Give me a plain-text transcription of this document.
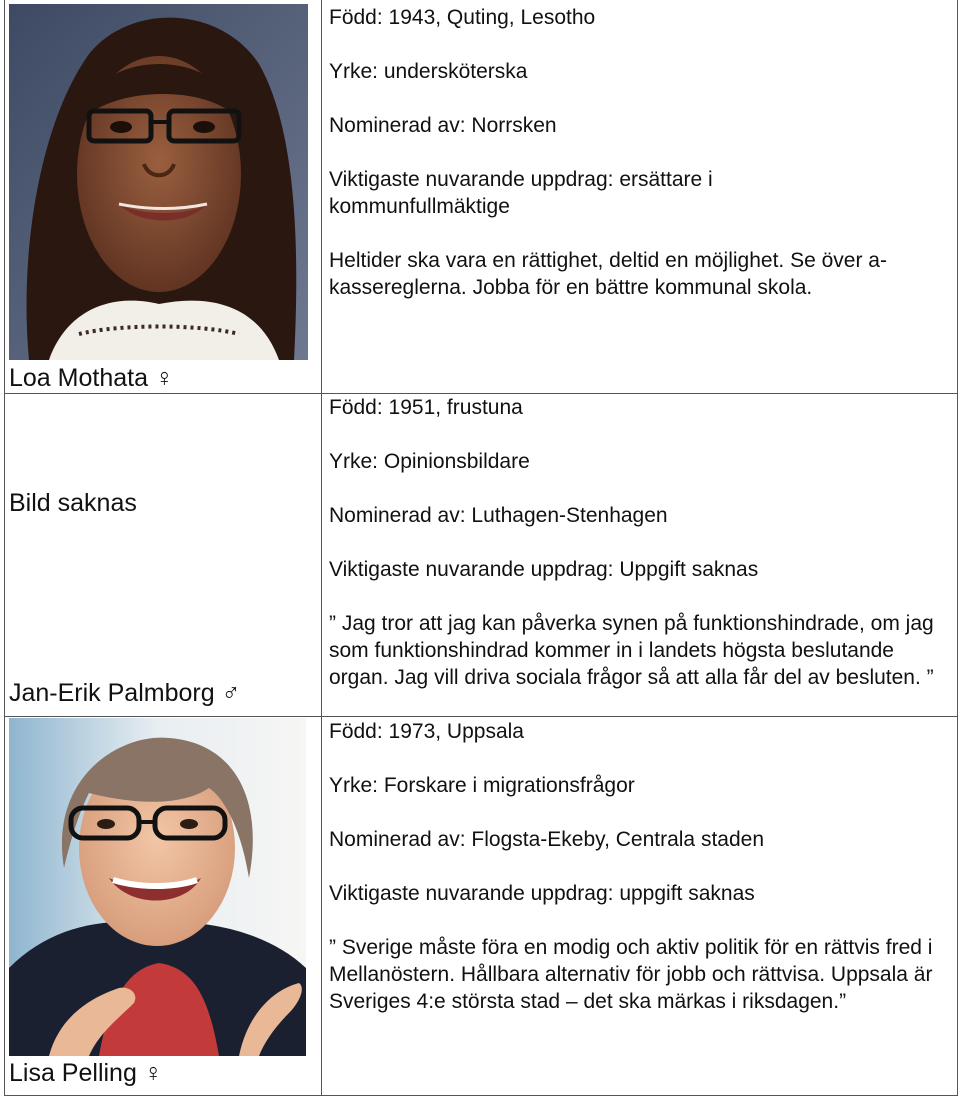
Loa Mothata ♀
Född: 1943, Quting, Lesotho
Yrke: undersköterska
Nominerad av: Norrsken
Viktigaste nuvarande uppdrag: ersättare i kommunfullmäktige
Heltider ska vara en rättighet, deltid en möjlighet. Se över a-kassereglerna. Jobba för en bättre kommunal skola.
Bild saknas
Jan-Erik Palmborg ♂
Född: 1951, frustuna
Yrke: Opinionsbildare
Nominerad av: Luthagen-Stenhagen
Viktigaste nuvarande uppdrag: Uppgift saknas
” Jag tror att jag kan påverka synen på funktionshindrade, om jag som funktionshindrad kommer in i landets högsta beslutande organ. Jag vill driva sociala frågor så att alla får del av besluten. ”
Lisa Pelling ♀
Född: 1973, Uppsala
Yrke: Forskare i migrationsfrågor
Nominerad av: Flogsta-Ekeby, Centrala staden
Viktigaste nuvarande uppdrag: uppgift saknas
” Sverige måste föra en modig och aktiv politik för en rättvis fred i Mellanöstern. Hållbara alternativ för jobb och rättvisa. Uppsala är Sveriges 4:e största stad – det ska märkas i riksdagen.”
